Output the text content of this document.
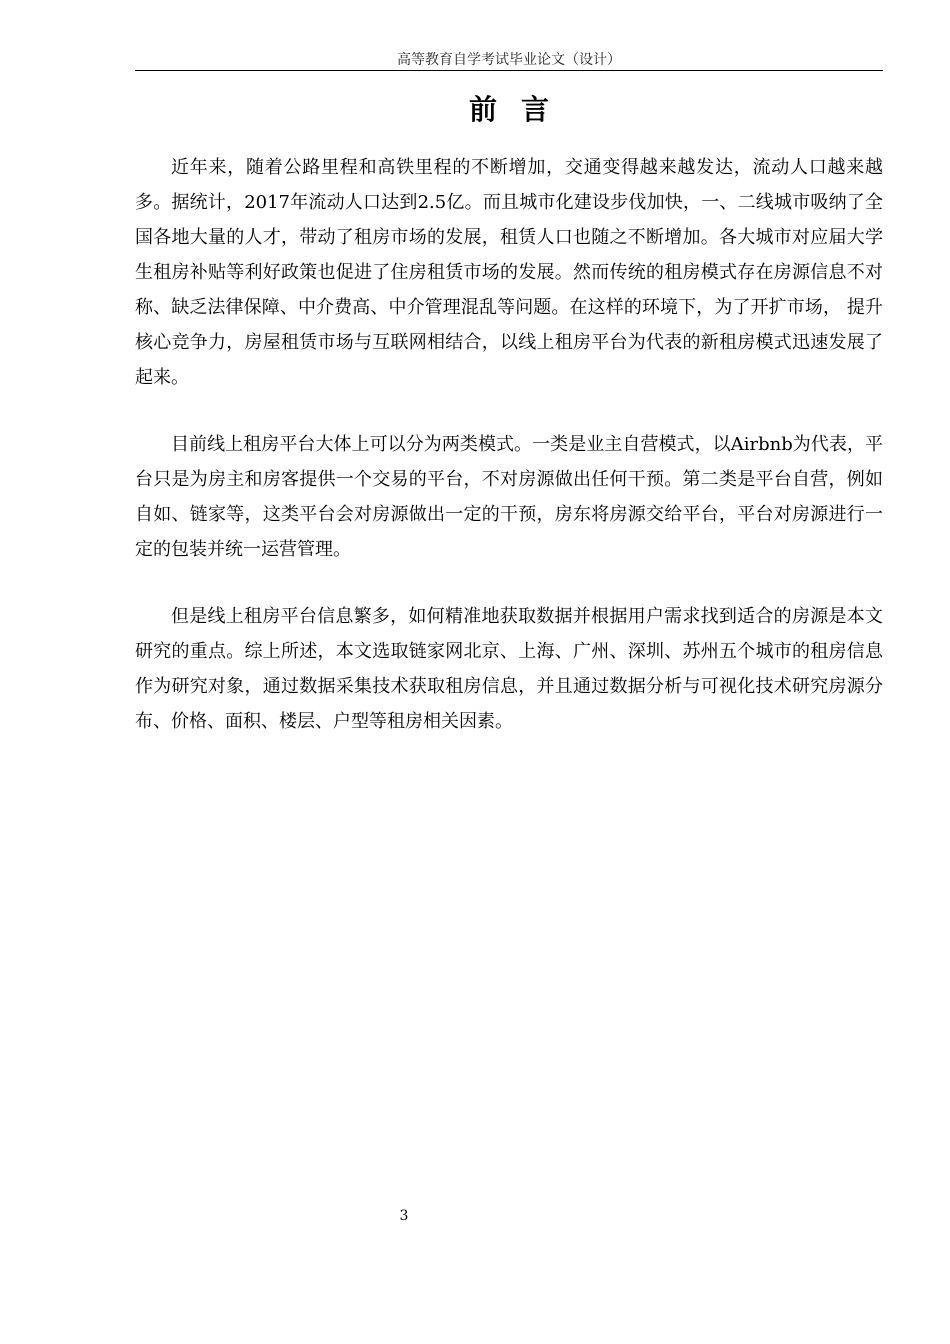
高等教育自学考试毕业论文（设计）
前言

近年来，随着公路里程和高铁里程的不断增加，交通变得越来越发达，流动人口越来越多。据统计，2017年流动人口达到2.5亿。而且城市化建设步伐加快，一、二线城市吸纳了全国各地大量的人才，带动了租房市场的发展，租赁人口也随之不断增加。各大城市对应届大学生租房补贴等利好政策也促进了住房租赁市场的发展。然而传统的租房模式存在房源信息不对称、缺乏法律保障、中介费高、中介管理混乱等问题。在这样的环境下，为了开扩市场， 提升核心竞争力，房屋租赁市场与互联网相结合，以线上租房平台为代表的新租房模式迅速发展了起来。

目前线上租房平台大体上可以分为两类模式。一类是业主自营模式，以Airbnb为代表，平台只是为房主和房客提供一个交易的平台，不对房源做出任何干预。第二类是平台自营，例如自如、链家等，这类平台会对房源做出一定的干预，房东将房源交给平台，平台对房源进行一定的包装并统一运营管理。

但是线上租房平台信息繁多，如何精准地获取数据并根据用户需求找到适合的房源是本文研究的重点。综上所述，本文选取链家网北京、上海、广州、深圳、苏州五个城市的租房信息作为研究对象，通过数据采集技术获取租房信息，并且通过数据分析与可视化技术研究房源分布、价格、面积、楼层、户型等租房相关因素。

3
